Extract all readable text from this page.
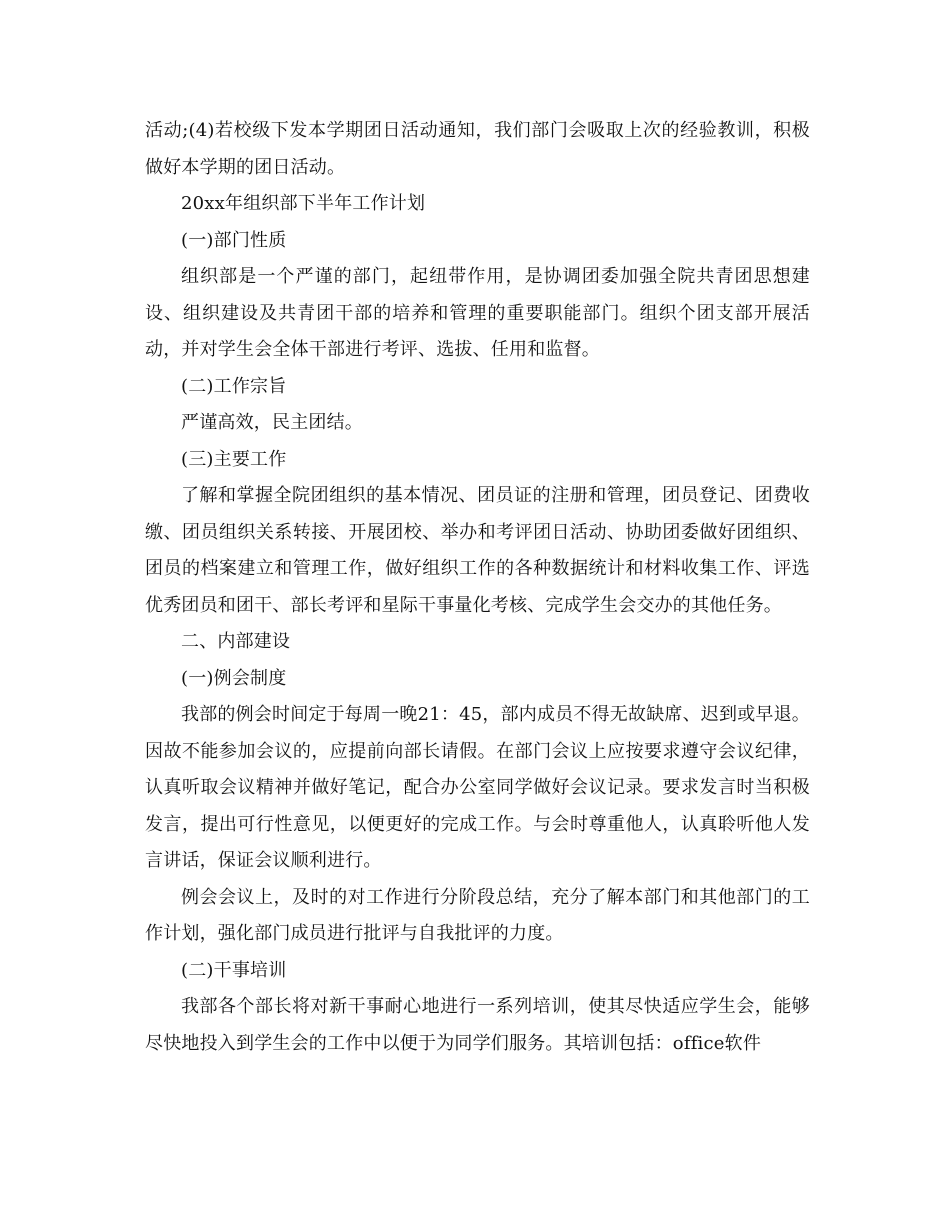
活动;(4)若校级下发本学期团日活动通知，我们部门会吸取上次的经验教训，积极做好本学期的团日活动。

20xx年组织部下半年工作计划

(一)部门性质

组织部是一个严谨的部门，起纽带作用，是协调团委加强全院共青团思想建设、组织建设及共青团干部的培养和管理的重要职能部门。组织个团支部开展活动，并对学生会全体干部进行考评、选拔、任用和监督。

(二)工作宗旨

严谨高效，民主团结。

(三)主要工作

了解和掌握全院团组织的基本情况、团员证的注册和管理，团员登记、团费收缴、团员组织关系转接、开展团校、举办和考评团日活动、协助团委做好团组织、团员的档案建立和管理工作，做好组织工作的各种数据统计和材料收集工作、评选优秀团员和团干、部长考评和星际干事量化考核、完成学生会交办的其他任务。

二、内部建设

(一)例会制度

我部的例会时间定于每周一晚21：45，部内成员不得无故缺席、迟到或早退。因故不能参加会议的，应提前向部长请假。在部门会议上应按要求遵守会议纪律，认真听取会议精神并做好笔记，配合办公室同学做好会议记录。要求发言时当积极发言，提出可行性意见，以便更好的完成工作。与会时尊重他人，认真聆听他人发言讲话，保证会议顺利进行。

例会会议上，及时的对工作进行分阶段总结，充分了解本部门和其他部门的工作计划，强化部门成员进行批评与自我批评的力度。

(二)干事培训

我部各个部长将对新干事耐心地进行一系列培训，使其尽快适应学生会，能够尽快地投入到学生会的工作中以便于为同学们服务。其培训包括：office软件
